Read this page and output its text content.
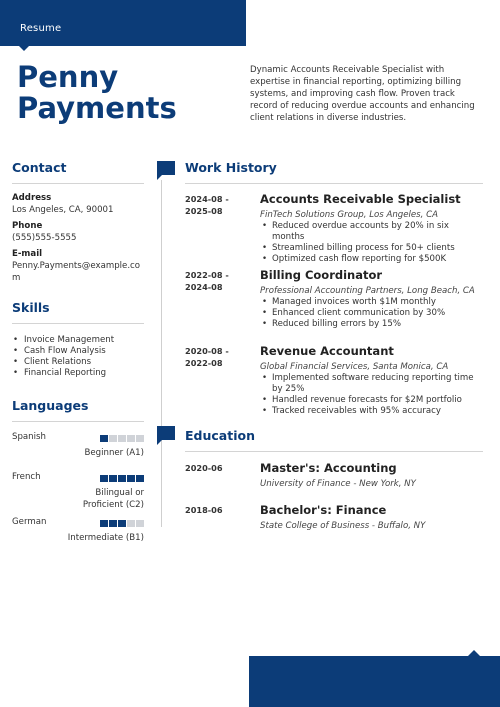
Resume
Penny
Payments

Dynamic Accounts Receivable Specialist with expertise in financial reporting, optimizing billing systems, and improving cash flow. Proven track record of reducing overdue accounts and enhancing client relations in diverse industries.

Contact

Address

Los Angeles, CA, 90001

Phone

(555)555-5555

E-mail

Penny.Payments@example.com

Skills
• Invoice Management
• Cash Flow Analysis
• Client Relations
• Financial Reporting
Languages
Spanish
Beginner (A1)
French
Bilingual or Proficient (C2)
German
Intermediate (B1)
Work History
2024-08 - 2025-08

Accounts Receivable Specialist

FinTech Solutions Group, Los Angeles, CA

• Reduced overdue accounts by 20% in six months
• Streamlined billing process for 50+ clients
• Optimized cash flow reporting for $500K
2022-08 - 2024-08

Billing Coordinator

Professional Accounting Partners, Long Beach, CA

• Managed invoices worth $1M monthly
• Enhanced client communication by 30%
• Reduced billing errors by 15%
2020-08 - 2022-08

Revenue Accountant

Global Financial Services, Santa Monica, CA

• Implemented software reducing reporting time by 25%
• Handled revenue forecasts for $2M portfolio
• Tracked receivables with 95% accuracy
Education
2020-06	Master's: Accounting

University of Finance - New York, NY

2018-06	Bachelor's: Finance

State College of Business - Buffalo, NY
